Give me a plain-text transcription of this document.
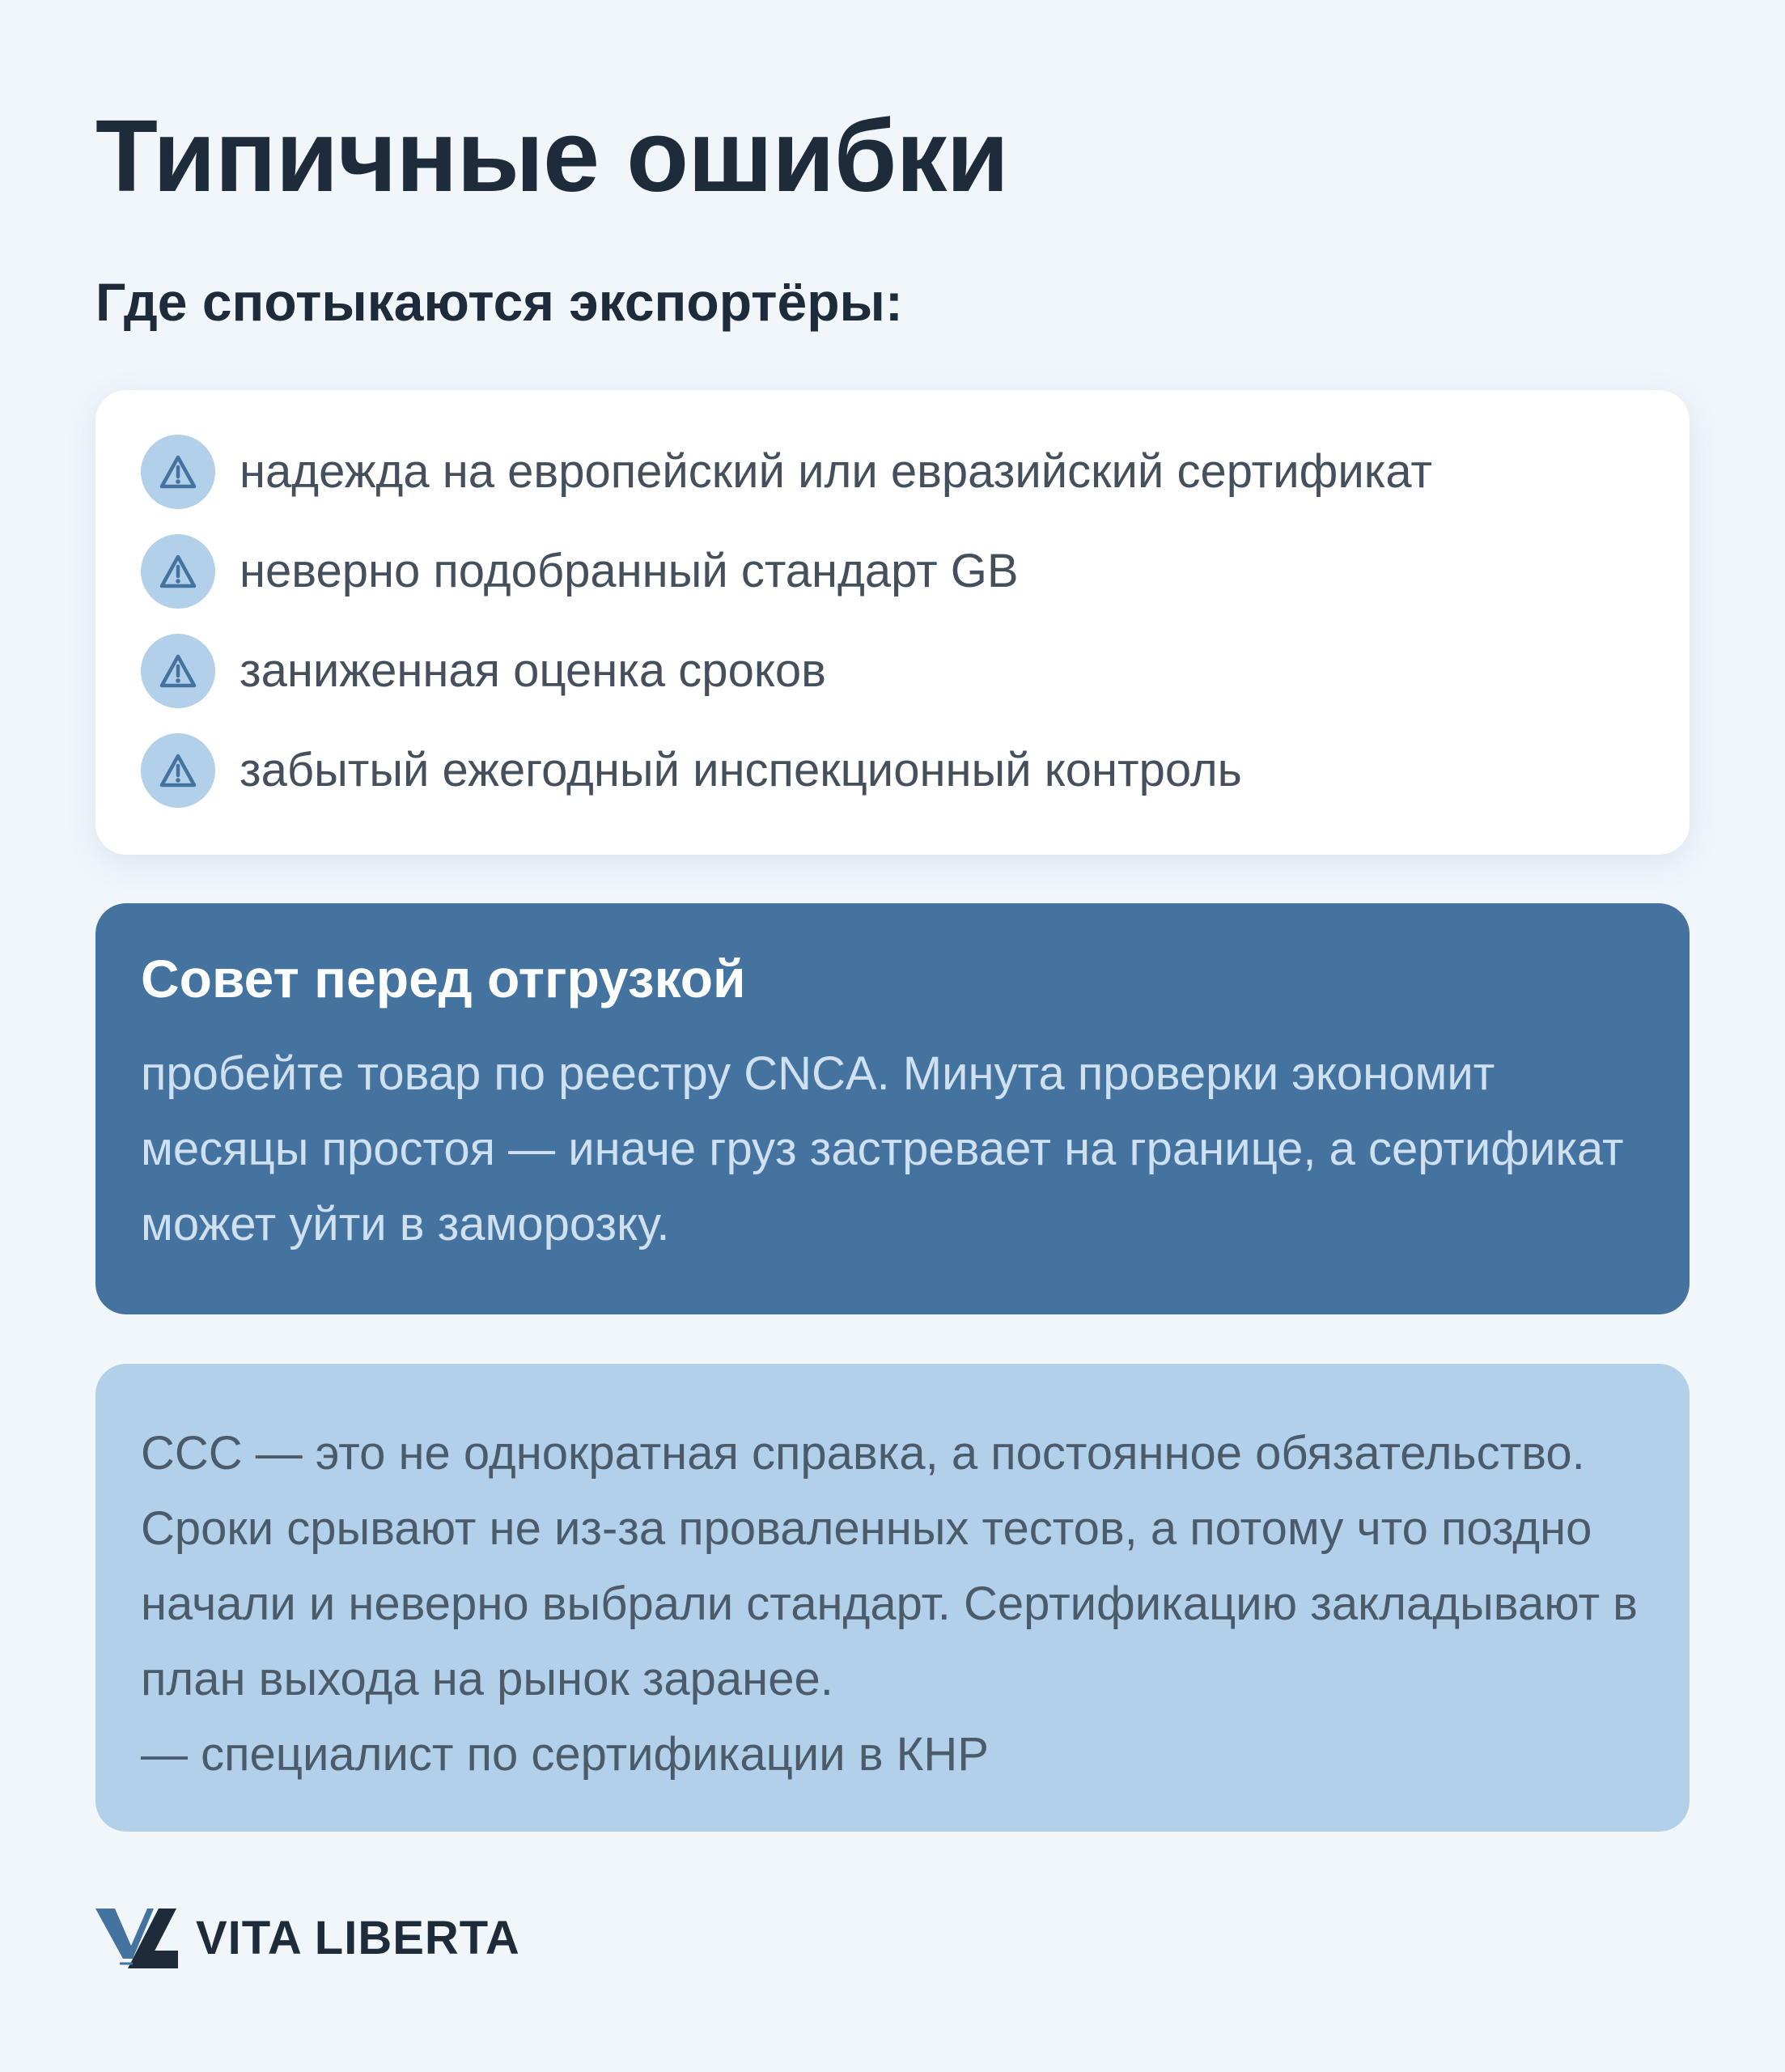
Типичные ошибки
Где спотыкаются экспортёры:
надежда на европейский или евразийский сертификат
неверно подобранный стандарт GB
заниженная оценка сроков
забытый ежегодный инспекционный контроль
Совет перед отгрузкой

пробейте товар по реестру CNCA. Минута проверки экономит месяцы простоя — иначе груз застревает на границе, а сертификат может уйти в заморозку.

CCC — это не однократная справка, а постоянное обязательство. Сроки срывают не из-за проваленных тестов, а потому что поздно начали и неверно выбрали стандарт. Сертификацию закладывают в план выхода на рынок заранее.

— специалист по сертификации в КНР

VITA LIBERTA
